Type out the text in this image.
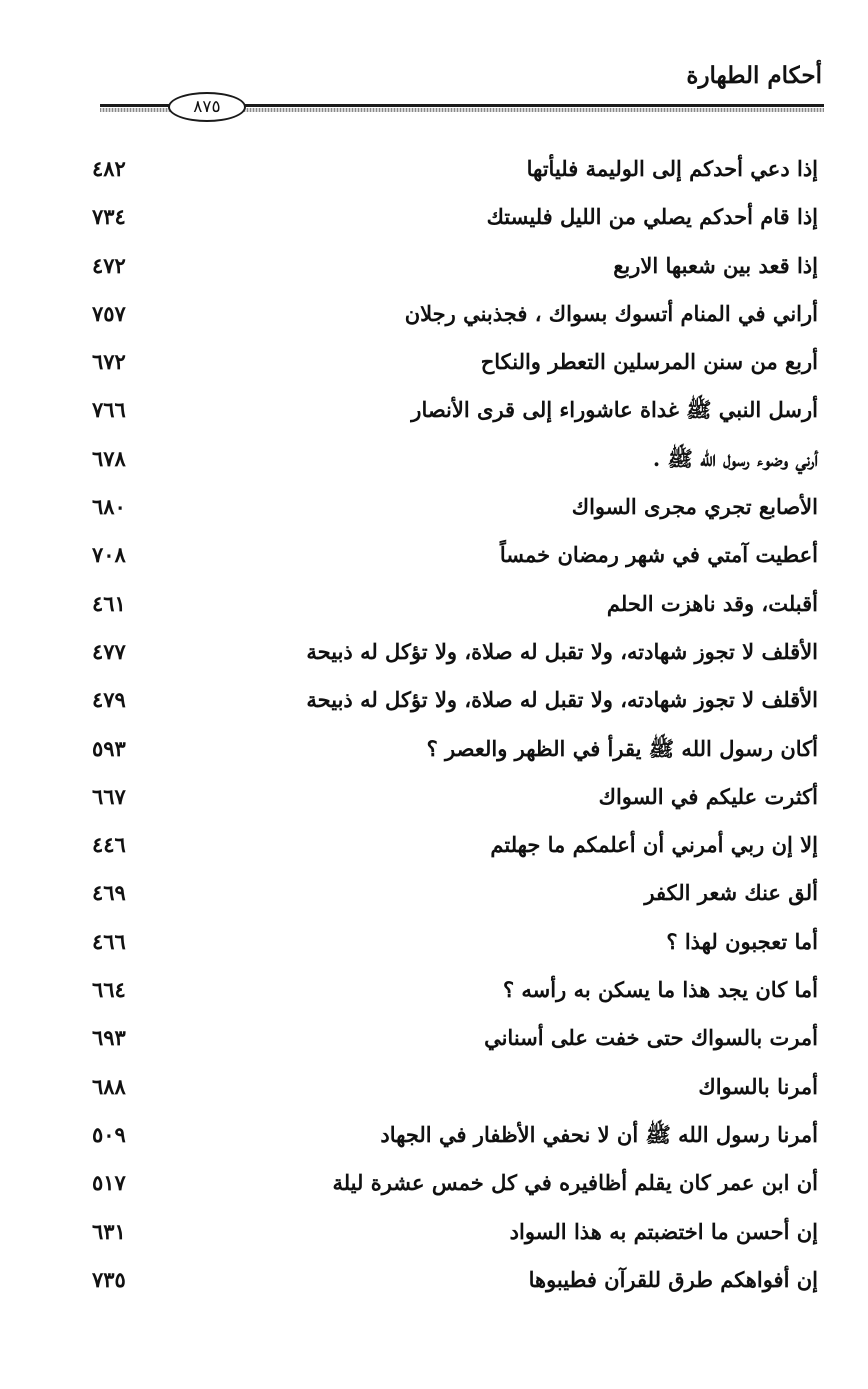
أحكام الطهارة
٨٧٥
إذا دعي أحدكم إلى الوليمة فليأتها
٤٨٢
إذا قام أحدكم يصلي من الليل فليستك
٧٣٤
إذا قعد بين شعبها الاربع
٤٧٢
أراني في المنام أتسوك بسواك ، فجذبني رجلان
٧٥٧
أربع من سنن المرسلين التعطر والنكاح
٦٧٢
أرسل النبي ﷺ غداة عاشوراء إلى قرى الأنصار
٧٦٦
أرني وضوء رسول الله ﷺ .
٦٧٨
الأصابع تجري مجرى السواك
٦٨٠
أعطيت آمتي في شهر رمضان خمساً
٧٠٨
أقبلت، وقد ناهزت الحلم
٤٦١
الأقلف لا تجوز شهادته، ولا تقبل له صلاة، ولا تؤكل له ذبيحة
٤٧٧
الأقلف لا تجوز شهادته، ولا تقبل له صلاة، ولا تؤكل له ذبيحة
٤٧٩
أكان رسول الله ﷺ يقرأ في الظهر والعصر ؟
٥٩٣
أكثرت عليكم في السواك
٦٦٧
إلا إن ربي أمرني أن أعلمكم ما جهلتم
٤٤٦
ألق عنك شعر الكفر
٤٦٩
أما تعجبون لهذا ؟
٤٦٦
أما كان يجد هذا ما يسكن به رأسه ؟
٦٦٤
أمرت بالسواك حتى خفت على أسناني
٦٩٣
أمرنا بالسواك
٦٨٨
أمرنا رسول الله ﷺ أن لا نحفي الأظفار في الجهاد
٥٠٩
أن ابن عمر كان يقلم أظافيره في كل خمس عشرة ليلة
٥١٧
إن أحسن ما اختضبتم به هذا السواد
٦٣١
إن أفواهكم طرق للقرآن فطيبوها
٧٣٥
